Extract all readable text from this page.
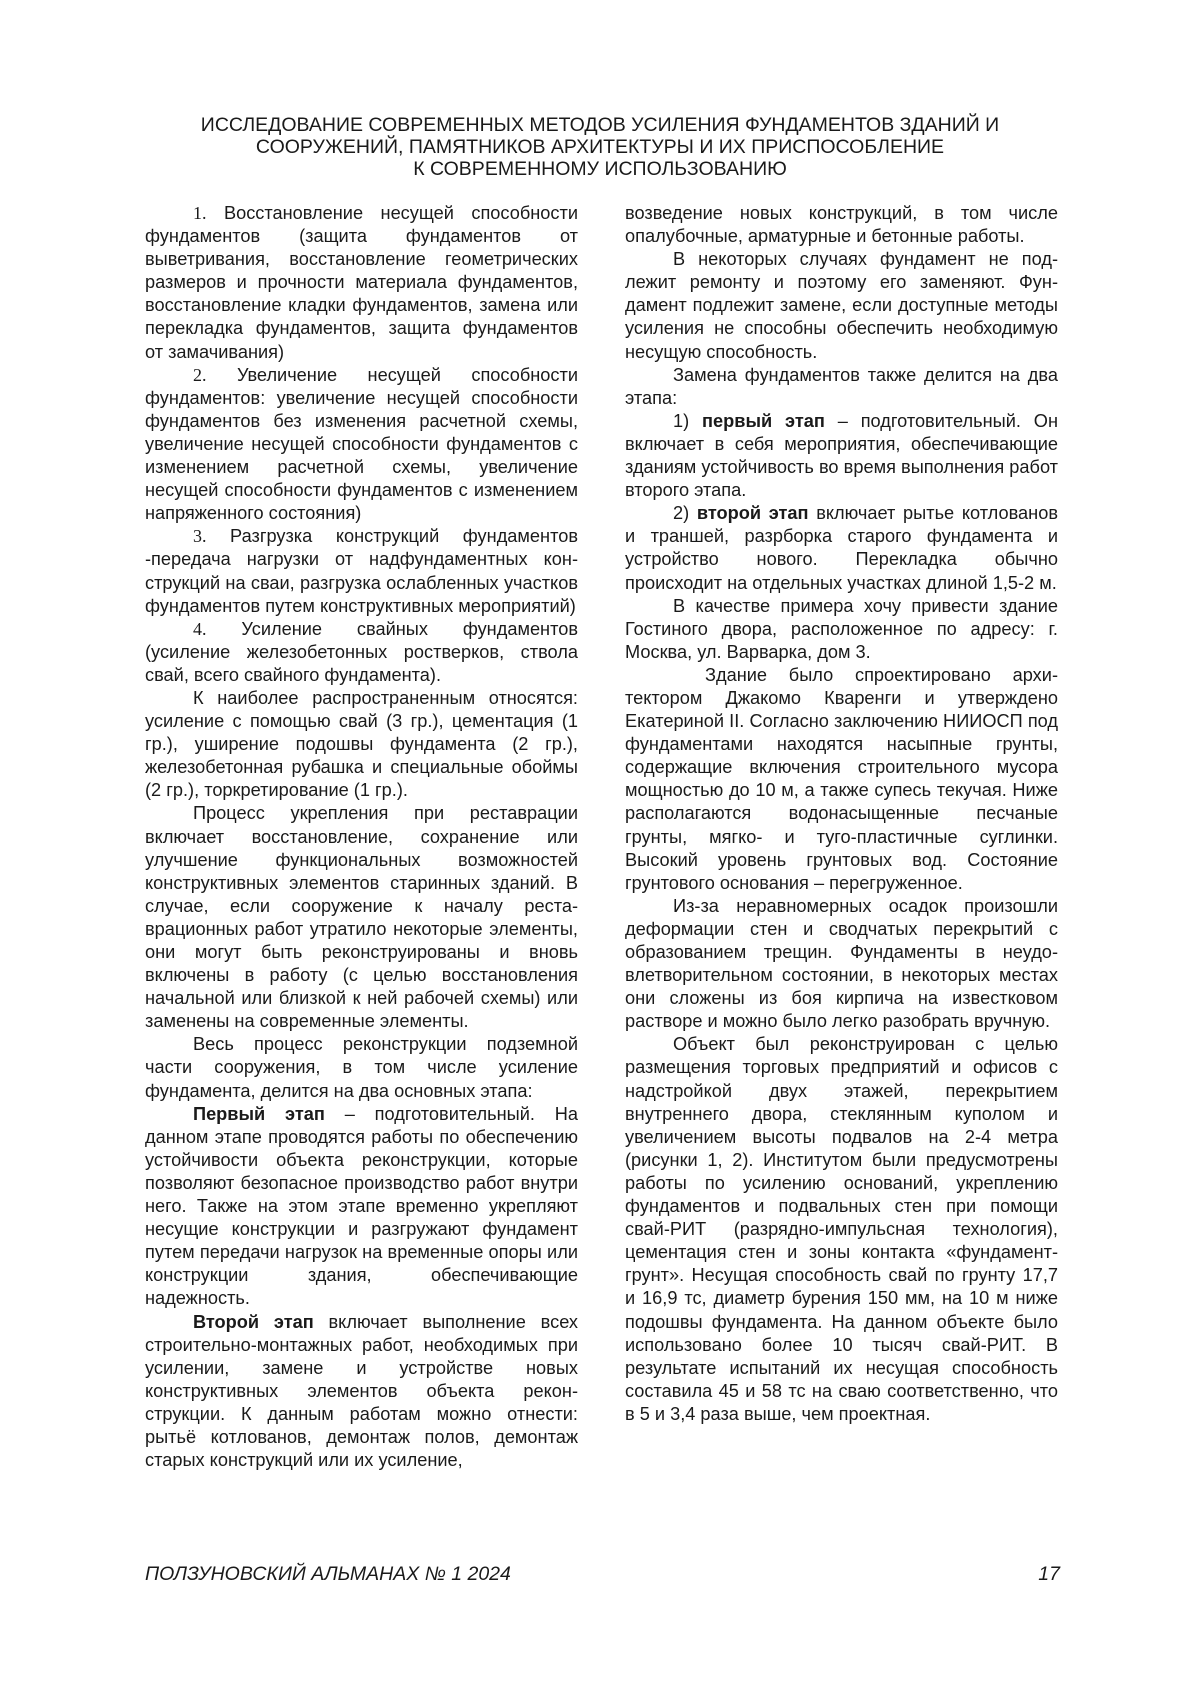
ИССЛЕДОВАНИЕ СОВРЕМЕННЫХ МЕТОДОВ УСИЛЕНИЯ ФУНДАМЕНТОВ ЗДАНИЙ И
СООРУЖЕНИЙ, ПАМЯТНИКОВ АРХИТЕКТУРЫ И ИХ ПРИСПОСОБЛЕНИЕ
К СОВРЕМЕННОМУ ИСПОЛЬЗОВАНИЮ

1. Восстановление несущей способности фундаментов (защита фундаментов от выветривания, восстановление геометрических размеров и прочности материала фундаментов, восстановление кладки фундаментов, замена или перекладка фундаментов, защита фундаментов от замачивания)

2. Увеличение несущей способности фундаментов: увеличение несущей способности фундаментов без изменения расчетной схемы, увеличение несущей способности фундаментов с изменением расчетной схемы, увеличение несущей способности фундаментов с изменением напряженного состояния)

3. Разгрузка конструкций фундаментов -передача нагрузки от надфундаментных конструкций на сваи, разгрузка ослабленных участков фундаментов путем конструктивных мероприятий)

4. Усиление свайных фундаментов (усиление железобетонных ростверков, ствола свай, всего свайного фундамента).

К наиболее распространенным относятся: усиление с помощью свай (3 гр.), цементация (1 гр.), уширение подошвы фундамента (2 гр.), железобетонная рубашка и специальные обоймы (2 гр.), торкретирование (1 гр.).

Процесс укрепления при реставрации включает восстановление, сохранение или улучшение функциональных возможностей конструктивных элементов старинных зданий. В случае, если сооружение к началу реставрационных работ утратило некоторые элементы, они могут быть реконструированы и вновь включены в работу (с целью восстановления начальной или близкой к ней рабочей схемы) или заменены на современные элементы.

Весь процесс реконструкции подземной части сооружения, в том числе усиление фундамента, делится на два основных этапа:

Первый этап – подготовительный. На данном этапе проводятся работы по обеспечению устойчивости объекта реконструкции, которые позволяют безопасное производство работ внутри него. Также на этом этапе временно укрепляют несущие конструкции и разгружают фундамент путем передачи нагрузок на временные опоры или конструкции здания, обеспечивающие надежность.

Второй этап включает выполнение всех строительно-монтажных работ, необходимых при усилении, замене и устройстве новых конструктивных элементов объекта реконструкции. К данным работам можно отнести: рытьё котлованов, демонтаж полов, демонтаж старых конструкций или их усиление,

возведение новых конструкций, в том числе опалубочные, арматурные и бетонные работы.

В некоторых случаях фундамент не подлежит ремонту и поэтому его заменяют. Фундамент подлежит замене, если доступные методы усиления не способны обеспечить необходимую несущую способность.

Замена фундаментов также делится на два этапа:

1) первый этап – подготовительный. Он включает в себя мероприятия, обеспечивающие зданиям устойчивость во время выполнения работ второго этапа.

2) второй этап включает рытье котлованов и траншей, разрборка старого фундамента и устройство нового. Перекладка обычно происходит на отдельных участках длиной 1,5-2 м.

В качестве примера хочу привести здание Гостиного двора, расположенное по адресу: г. Москва, ул. Варварка, дом 3.

Здание было спроектировано архитектором Джакомо Кваренги и утверждено Екатериной II. Согласно заключению НИИОСП под фундаментами находятся насыпные грунты, содержащие включения строительного мусора мощностью до 10 м, а также супесь текучая. Ниже располагаются водонасыщенные песчаные грунты, мягко- и туго-пластичные суглинки. Высокий уровень грунтовых вод. Состояние грунтового основания – перегруженное.

Из-за неравномерных осадок произошли деформации стен и сводчатых перекрытий с образованием трещин. Фундаменты в неудовлетворительном состоянии, в некоторых местах они сложены из боя кирпича на известковом растворе и можно было легко разобрать вручную.

Объект был реконструирован с целью размещения торговых предприятий и офисов с надстройкой двух этажей, перекрытием внутреннего двора, стеклянным куполом и увеличением высоты подвалов на 2-4 метра (рисунки 1, 2). Институтом были предусмотрены работы по усилению оснований, укреплению фундаментов и подвальных стен при помощи свай-РИТ (разрядно-импульсная технология), цементация стен и зоны контакта «фундамент-грунт». Несущая способность свай по грунту 17,7 и 16,9 тс, диаметр бурения 150 мм, на 10 м ниже подошвы фундамента. На данном объекте было использовано более 10 тысяч свай-РИТ. В результате испытаний их несущая способность составила 45 и 58 тс на сваю соответственно, что в 5 и 3,4 раза выше, чем проектная.

ПОЛЗУНОВСКИЙ АЛЬМАНАХ № 1 2024	17
